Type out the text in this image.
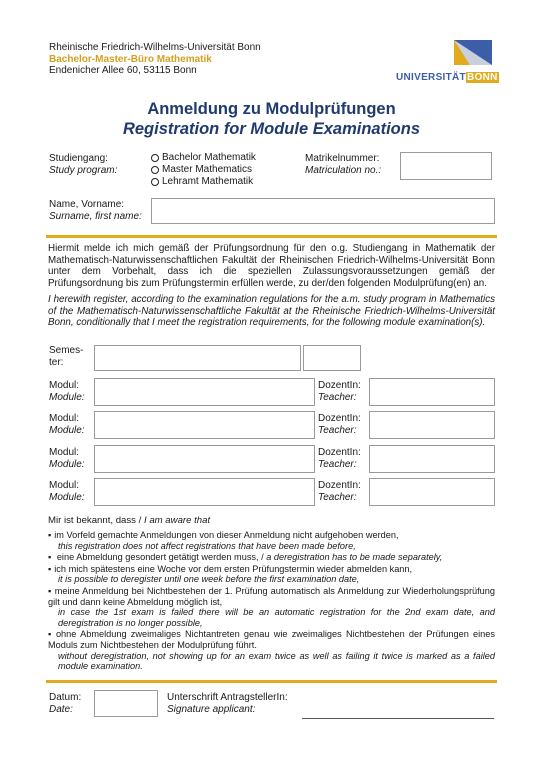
Rheinische Friedrich-Wilhelms-Universität Bonn
Bachelor-Master-Büro Mathematik
Endenicher Allee 60, 53115 Bonn
UNIVERSITÄTBONN
Anmeldung zu Modulprüfungen
Registration for Module Examinations
Studiengang:
Study program:
Bachelor Mathematik
Master Mathematics
Lehramt Mathematik
Matrikelnummer:
Matriculation no.:
Name, Vorname:
Surname, first name:
Hiermit melde ich mich gemäß der Prüfungsordnung für den o.g. Studiengang in Mathematik der Mathematisch-Naturwissenschaftlichen Fakultät der Rheinischen Friedrich-Wilhelms-Universität Bonn unter dem Vorbehalt, dass ich die speziellen Zulassungsvoraussetzungen gemäß der Prüfungsordnung bis zum Prüfungstermin erfüllen werde, zu der/den folgenden Modulprüfung(en) an.
I herewith register, according to the examination regulations for the a.m. study program in Mathematics of the Mathematisch-Naturwissenschaftliche Fakultät at the Rheinische Friedrich-Wilhelms-Universität Bonn, conditionally that I meet the registration requirements, for the following module examination(s).
Semes-
ter:
Modul:
Module:
DozentIn:
Teacher:
Modul:
Module:
DozentIn:
Teacher:
Modul:
Module:
DozentIn:
Teacher:
Modul:
Module:
DozentIn:
Teacher:
Mir ist bekannt, dass / I am aware that
▪ im Vorfeld gemachte Anmeldungen von dieser Anmeldung nicht aufgehoben werden,
this registration does not affect registrations that have been made before,
▪ eine Abmeldung gesondert getätigt werden muss, / a deregistration has to be made separately,
▪ ich mich spätestens eine Woche vor dem ersten Prüfungstermin wieder abmelden kann,
it is possible to deregister until one week before the first examination date,
▪ meine Anmeldung bei Nichtbestehen der 1. Prüfung automatisch als Anmeldung zur Wiederholungsprüfung gilt und dann keine Abmeldung möglich ist,
in case the 1st exam is failed there will be an automatic registration for the 2nd exam date, and deregistration is no longer possible,
▪ ohne Abmeldung zweimaliges Nichtantreten genau wie zweimaliges Nichtbestehen der Prüfungen eines Moduls zum Nichtbestehen der Modulprüfung führt.
without deregistration, not showing up for an exam twice as well as failing it twice is marked as a failed module examination.
Datum:
Date:
Unterschrift AntragstellerIn:
Signature applicant:
